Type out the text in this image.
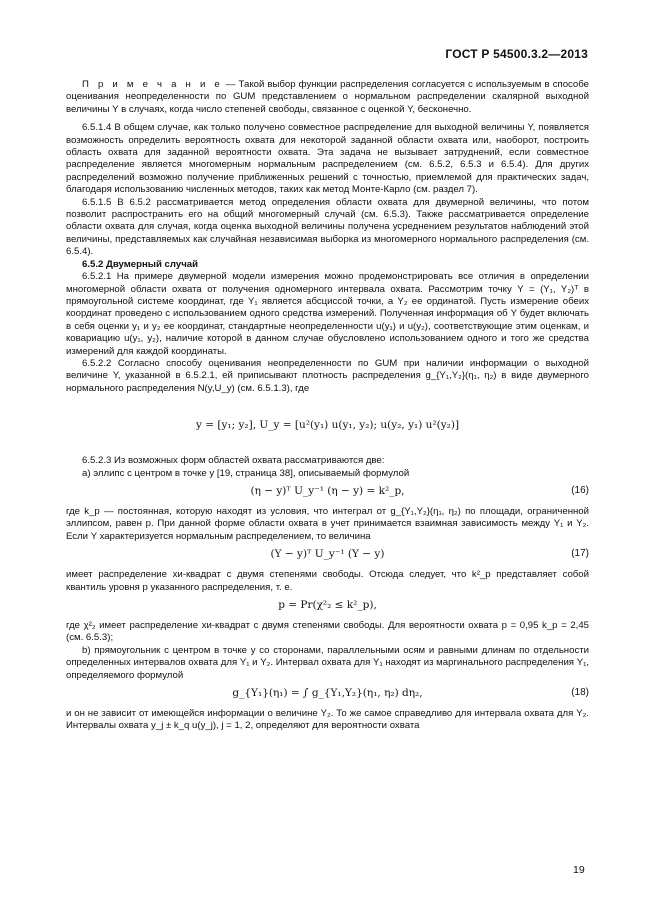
ГОСТ Р 54500.3.2—2013

П р и м е ч а н и е — Такой выбор функции распределения согласуется с используемым в способе оценивания неопределенности по GUM представлением о нормальном распределении скалярной выходной величины Y в случаях, когда число степеней свободы, связанное с оценкой Y, бесконечно.

6.5.1.4 В общем случае, как только получено совместное распределение для выходной величины Y, появляется возможность определить вероятность охвата для некоторой заданной области охвата или, наоборот, построить область охвата для заданной вероятности охвата. Эта задача не вызывает затруднений, если совместное распределение является многомерным нормальным распределением (см. 6.5.2, 6.5.3 и 6.5.4). Для других распределений возможно получение приближенных решений с точностью, приемлемой для практических задач, благодаря использованию численных методов, таких как метод Монте-Карло (см. раздел 7).

6.5.1.5 В 6.5.2 рассматривается метод определения области охвата для двумерной величины, что потом позволит распространить его на общий многомерный случай (см. 6.5.3). Также рассматривается определение области охвата для случая, когда оценка выходной величины получена усреднением результатов наблюдений этой величины, представляемых как случайная независимая выборка из многомерного нормального распределения (см. 6.5.4).

6.5.2 Двумерный случай

6.5.2.1 На примере двумерной модели измерения можно продемонстрировать все отличия в определении многомерной области охвата от получения одномерного интервала охвата. Рассмотрим точку Y = (Y₁, Y₂)ᵀ в прямоугольной системе координат, где Y₁ является абсциссой точки, а Y₂ ее ординатой. Пусть измерение обеих координат проведено с использованием одного средства измерений. Полученная информация об Y будет включать в себя оценки y₁ и y₂ ее координат, стандартные неопределенности u(y₁) и u(y₂), соответствующие этим оценкам, и ковариацию u(y₁, y₂), наличие которой в данном случае обусловлено использованием одного и того же средства измерений для каждой координаты.

6.5.2.2 Согласно способу оценивания неопределенности по GUM при наличии информации о выходной величине Y, указанной в 6.5.2.1, ей приписывают плотность распределения g_{Y₁,Y₂}(η₁, η₂) в виде двумерного нормального распределения N(y,U_y) (см. 6.5.1.3), где

y = [y₁; y₂], U_y = [u²(y₁) u(y₁, y₂); u(y₂, y₁) u²(y₂)]

6.5.2.3 Из возможных форм областей охвата рассматриваются две:

а) эллипс с центром в точке y [19, страница 38], описываемый формулой

(η − y)ᵀ U_y⁻¹ (η − y) = k²_p,	(16)

где k_p — постоянная, которую находят из условия, что интеграл от g_{Y₁,Y₂}(η₁, η₂) по площади, ограниченной эллипсом, равен p. При данной форме области охвата в учет принимается взаимная зависимость между Y₁ и Y₂. Если Y характеризуется нормальным распределением, то величина

(Y − y)ᵀ U_y⁻¹ (Y − y)	(17)

имеет распределение хи-квадрат с двумя степенями свободы. Отсюда следует, что k²_p представляет собой квантиль уровня p указанного распределения, т. е.

p = Pr(χ²₂ ≤ k²_p),

где χ²₂ имеет распределение хи-квадрат с двумя степенями свободы. Для вероятности охвата p = 0,95 k_p = 2,45 (см. 6.5.3);

b) прямоугольник с центром в точке y со сторонами, параллельными осям и равными длинам по отдельности определенных интервалов охвата для Y₁ и Y₂. Интервал охвата для Y₁ находят из маргинального распределения Y₁, определяемого формулой

g_{Y₁}(η₁) = ∫ g_{Y₁,Y₂}(η₁, η₂) dη₂,	(18)

и он не зависит от имеющейся информации о величине Y₂. То же самое справедливо для интервала охвата для Y₂. Интервалы охвата y_j ± k_q u(y_j), j = 1, 2, определяют для вероятности охвата

19
